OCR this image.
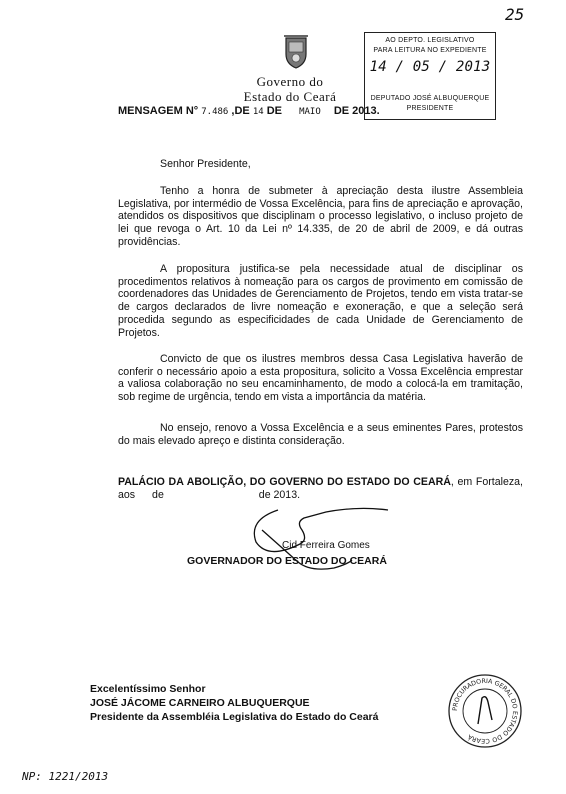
Governo do
Estado do Ceará
AO DEPTO. LEGISLATIVO
PARA LEITURA NO EXPEDIENTE
14 / 05 / 2013
DEPUTADO JOSÉ ALBUQUERQUE
PRESIDENTE
25
MENSAGEM N° 7.486 ,DE 14 DE MAIO DE 2013.

Senhor Presidente,

Tenho a honra de submeter à apreciação desta ilustre Assembleia Legislativa, por intermédio de Vossa Excelência, para fins de apreciação e aprovação, atendidos os dispositivos que disciplinam o processo legislativo, o incluso projeto de lei que revoga o Art. 10 da Lei nº 14.335, de 20 de abril de 2009, e dá outras providências.

A propositura justifica-se pela necessidade atual de disciplinar os procedimentos relativos à nomeação para os cargos de provimento em comissão de coordenadores das Unidades de Gerenciamento de Projetos, tendo em vista tratar-se de cargos declarados de livre nomeação e exoneração, e que a seleção será procedida segundo as especificidades de cada Unidade de Gerenciamento de Projetos.

Convicto de que os ilustres membros dessa Casa Legislativa haverão de conferir o necessário apoio a esta propositura, solicito a Vossa Excelência emprestar a valiosa colaboração no seu encaminhamento, de modo a colocá-la em tramitação, sob regime de urgência, tendo em vista a importância da matéria.

No ensejo, renovo a Vossa Excelência e a seus eminentes Pares, protestos do mais elevado apreço e distinta consideração.

PALÁCIO DA ABOLIÇÃO, DO GOVERNO DO ESTADO DO CEARÁ, em Fortaleza, aos de	de 2013.

Cid Ferreira Gomes
GOVERNADOR DO ESTADO DO CEARÁ
Excelentíssimo Senhor
JOSÉ JÁCOME CARNEIRO ALBUQUERQUE
Presidente da Assembléia Legislativa do Estado do Ceará
PROCURADORIA GERAL DO ESTADO DO CEARÁ
NP: 1221/2013
